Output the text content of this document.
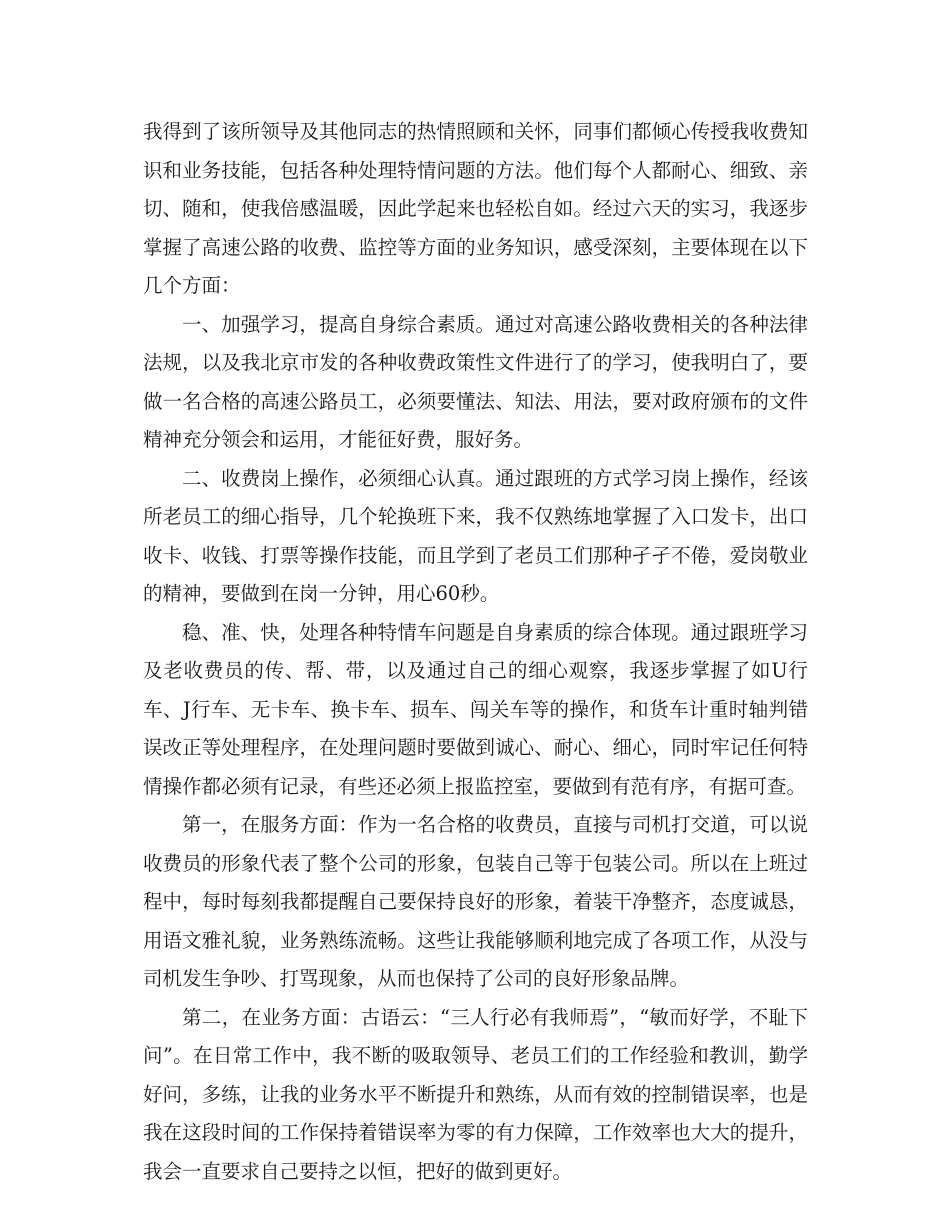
我得到了该所领导及其他同志的热情照顾和关怀，同事们都倾心传授我收费知识和业务技能，包括各种处理特情问题的方法。他们每个人都耐心、细致、亲切、随和，使我倍感温暖，因此学起来也轻松自如。经过六天的实习，我逐步掌握了高速公路的收费、监控等方面的业务知识，感受深刻，主要体现在以下几个方面：

一、加强学习，提高自身综合素质。通过对高速公路收费相关的各种法律法规，以及我北京市发的各种收费政策性文件进行了的学习，使我明白了，要做一名合格的高速公路员工，必须要懂法、知法、用法，要对政府颁布的文件精神充分领会和运用，才能征好费，服好务。

二、收费岗上操作，必须细心认真。通过跟班的方式学习岗上操作，经该所老员工的细心指导，几个轮换班下来，我不仅熟练地掌握了入口发卡，出口收卡、收钱、打票等操作技能，而且学到了老员工们那种孑孑不倦，爱岗敬业的精神，要做到在岗一分钟，用心60秒。

稳、准、快，处理各种特情车问题是自身素质的综合体现。通过跟班学习及老收费员的传、帮、带，以及通过自己的细心观察，我逐步掌握了如U行车、J行车、无卡车、换卡车、损车、闯关车等的操作，和货车计重时轴判错误改正等处理程序，在处理问题时要做到诚心、耐心、细心，同时牢记任何特情操作都必须有记录，有些还必须上报监控室，要做到有范有序，有据可查。

第一，在服务方面：作为一名合格的收费员，直接与司机打交道，可以说收费员的形象代表了整个公司的形象，包装自己等于包装公司。所以在上班过程中，每时每刻我都提醒自己要保持良好的形象，着装干净整齐，态度诚恳，用语文雅礼貌，业务熟练流畅。这些让我能够顺利地完成了各项工作，从没与司机发生争吵、打骂现象，从而也保持了公司的良好形象品牌。

第二，在业务方面：古语云：“三人行必有我师焉”，“敏而好学，不耻下问”。在日常工作中，我不断的吸取领导、老员工们的工作经验和教训，勤学好问，多练，让我的业务水平不断提升和熟练，从而有效的控制错误率，也是我在这段时间的工作保持着错误率为零的有力保障，工作效率也大大的提升，我会一直要求自己要持之以恒，把好的做到更好。
